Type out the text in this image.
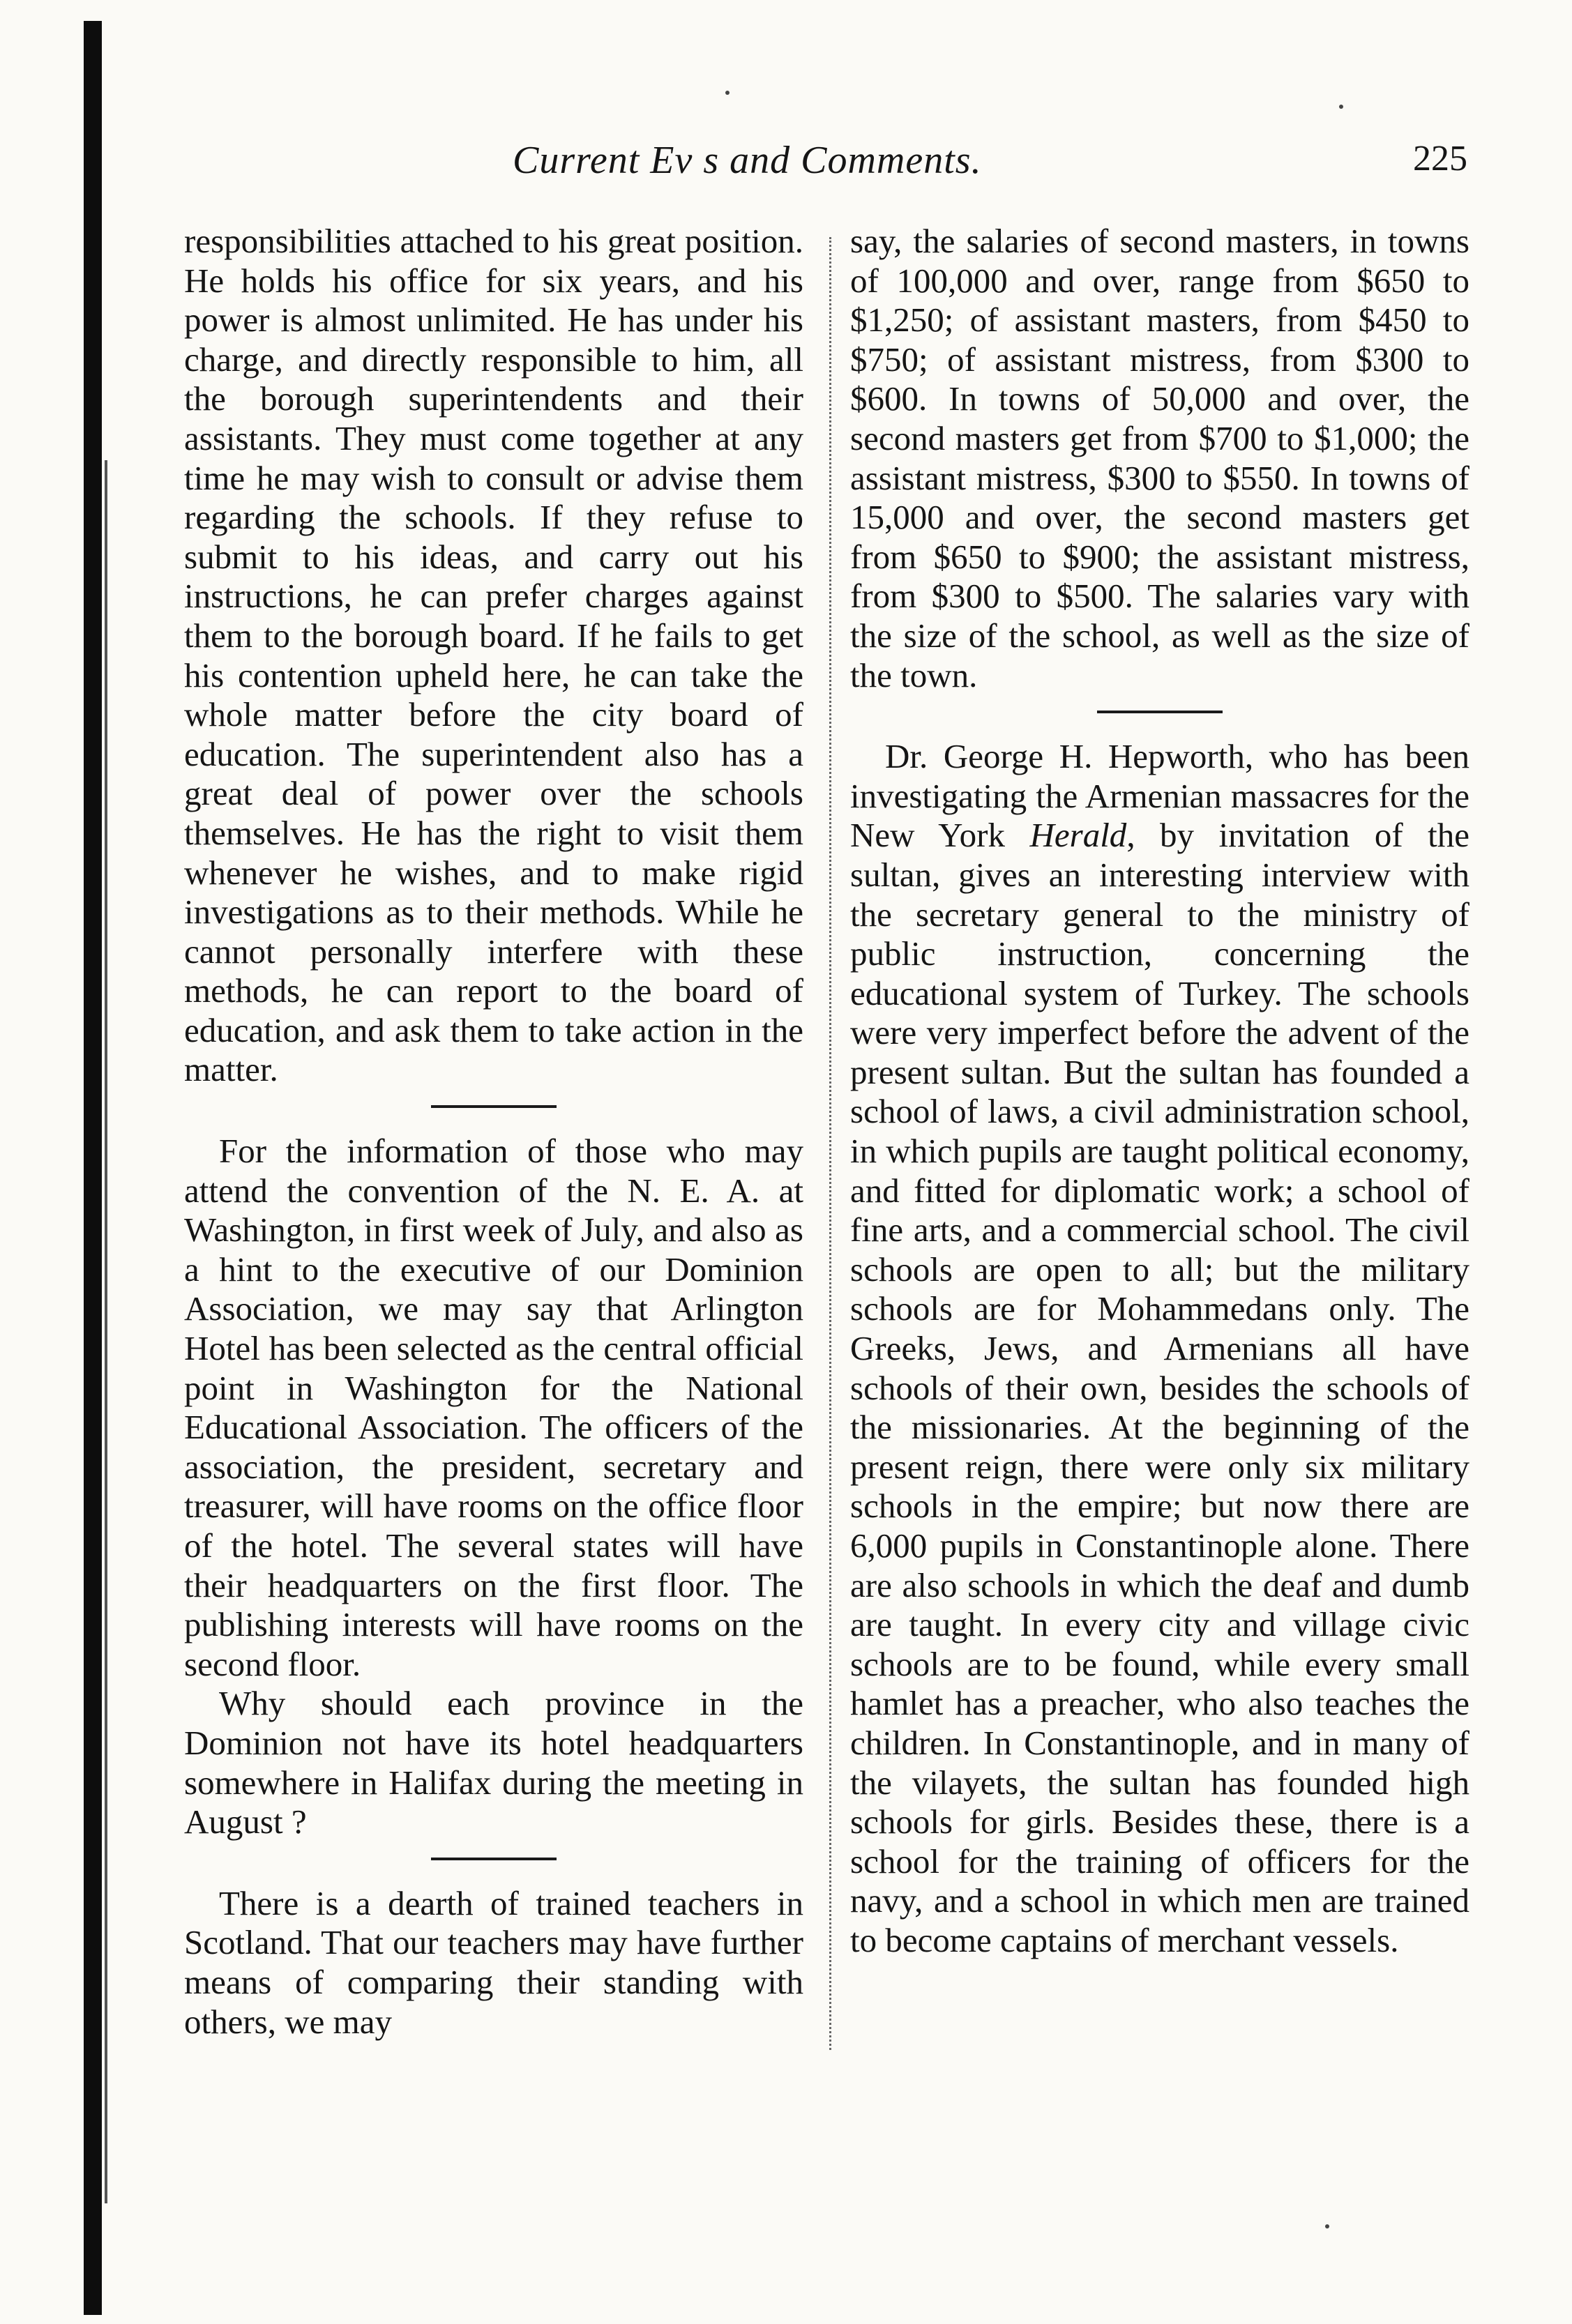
Current Ev s and Comments.	225

responsibilities attached to his great position. He holds his office for six years, and his power is almost unlimited. He has under his charge, and directly responsible to him, all the borough superintendents and their assistants. They must come together at any time he may wish to consult or advise them regarding the schools. If they refuse to submit to his ideas, and carry out his instructions, he can prefer charges against them to the borough board. If he fails to get his contention upheld here, he can take the whole matter before the city board of education. The superintendent also has a great deal of power over the schools themselves. He has the right to visit them whenever he wishes, and to make rigid investigations as to their methods. While he cannot personally interfere with these methods, he can report to the board of education, and ask them to take action in the matter.

For the information of those who may attend the convention of the N. E. A. at Washington, in first week of July, and also as a hint to the executive of our Dominion Association, we may say that Arlington Hotel has been selected as the central official point in Washington for the National Educational Association. The officers of the association, the president, secretary and treasurer, will have rooms on the office floor of the hotel. The several states will have their headquarters on the first floor. The publishing interests will have rooms on the second floor.

Why should each province in the Dominion not have its hotel headquarters somewhere in Halifax during the meeting in August ?

There is a dearth of trained teachers in Scotland. That our teachers may have further means of comparing their standing with others, we may

say, the salaries of second masters, in towns of 100,000 and over, range from $650 to $1,250; of assistant masters, from $450 to $750; of assistant mistress, from $300 to $600. In towns of 50,000 and over, the second masters get from $700 to $1,000; the assistant mistress, $300 to $550. In towns of 15,000 and over, the second masters get from $650 to $900; the assistant mistress, from $300 to $500. The salaries vary with the size of the school, as well as the size of the town.

Dr. George H. Hepworth, who has been investigating the Armenian massacres for the New York Herald, by invitation of the sultan, gives an interesting interview with the secretary general to the ministry of public instruction, concerning the educational system of Turkey. The schools were very imperfect before the advent of the present sultan. But the sultan has founded a school of laws, a civil administration school, in which pupils are taught political economy, and fitted for diplomatic work; a school of fine arts, and a commercial school. The civil schools are open to all; but the military schools are for Mohammedans only. The Greeks, Jews, and Armenians all have schools of their own, besides the schools of the missionaries. At the beginning of the present reign, there were only six military schools in the empire; but now there are 6,000 pupils in Constantinople alone. There are also schools in which the deaf and dumb are taught. In every city and village civic schools are to be found, while every small hamlet has a preacher, who also teaches the children. In Constantinople, and in many of the vilayets, the sultan has founded high schools for girls. Besides these, there is a school for the training of officers for the navy, and a school in which men are trained to become captains of merchant vessels.
